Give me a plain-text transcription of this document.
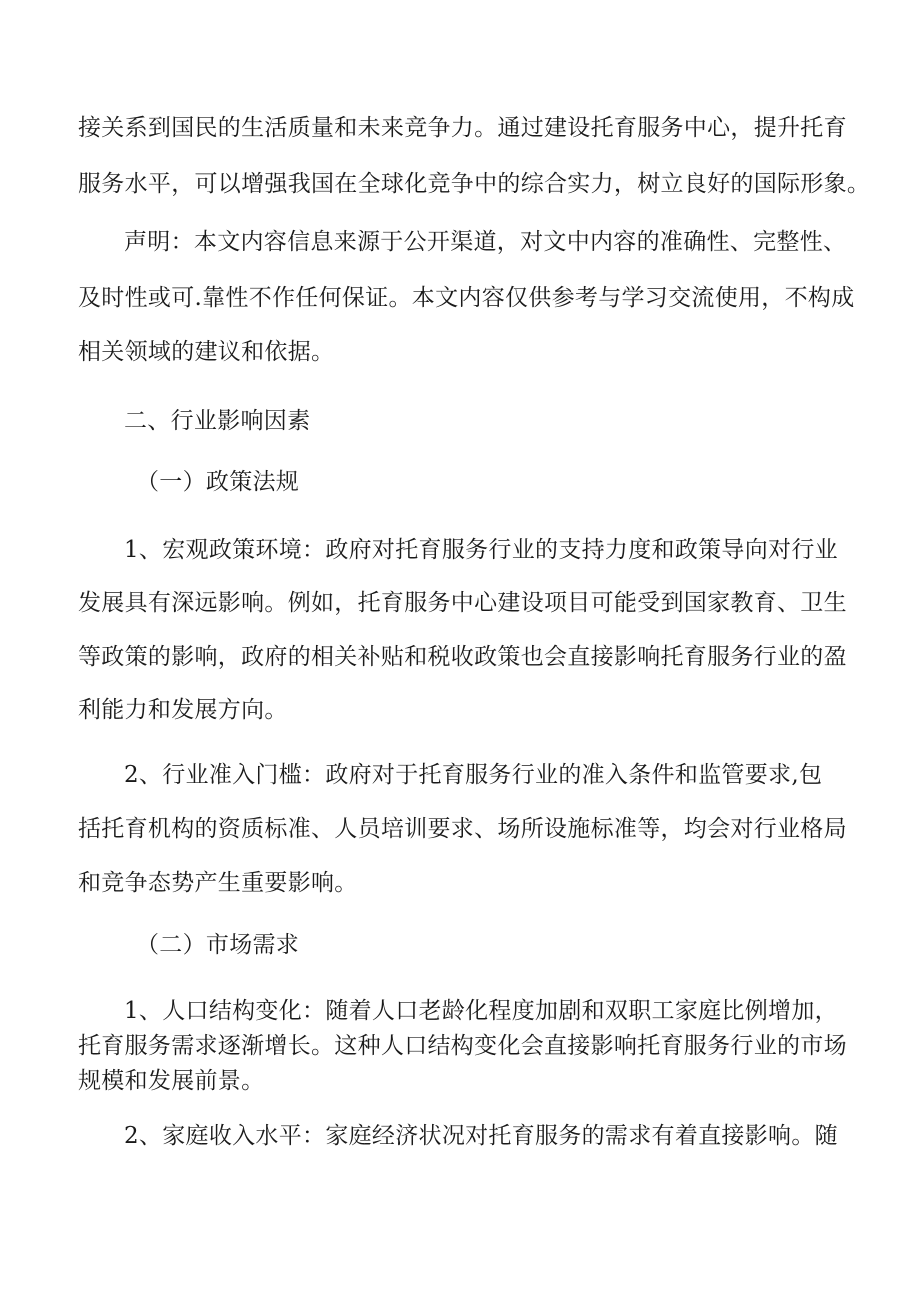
接关系到国民的生活质量和未来竞争力。通过建设托育服务中心，提升托育
服务水平，可以增强我国在全球化竞争中的综合实力，树立良好的国际形象。
声明：本文内容信息来源于公开渠道，对文中内容的准确性、完整性、
及时性或可.靠性不作任何保证。本文内容仅供参考与学习交流使用，不构成
相关领域的建议和依据。
二、行业影响因素
（一）政策法规
1、宏观政策环境：政府对托育服务行业的支持力度和政策导向对行业
发展具有深远影响。例如，托育服务中心建设项目可能受到国家教育、卫生
等政策的影响，政府的相关补贴和税收政策也会直接影响托育服务行业的盈
利能力和发展方向。
2、行业准入门槛：政府对于托育服务行业的准入条件和监管要求,包
括托育机构的资质标准、人员培训要求、场所设施标准等，均会对行业格局
和竞争态势产生重要影响。
（二）市场需求
1、人口结构变化：随着人口老龄化程度加剧和双职工家庭比例增加，
托育服务需求逐渐增长。这种人口结构变化会直接影响托育服务行业的市场
规模和发展前景。
2、家庭收入水平：家庭经济状况对托育服务的需求有着直接影响。随
